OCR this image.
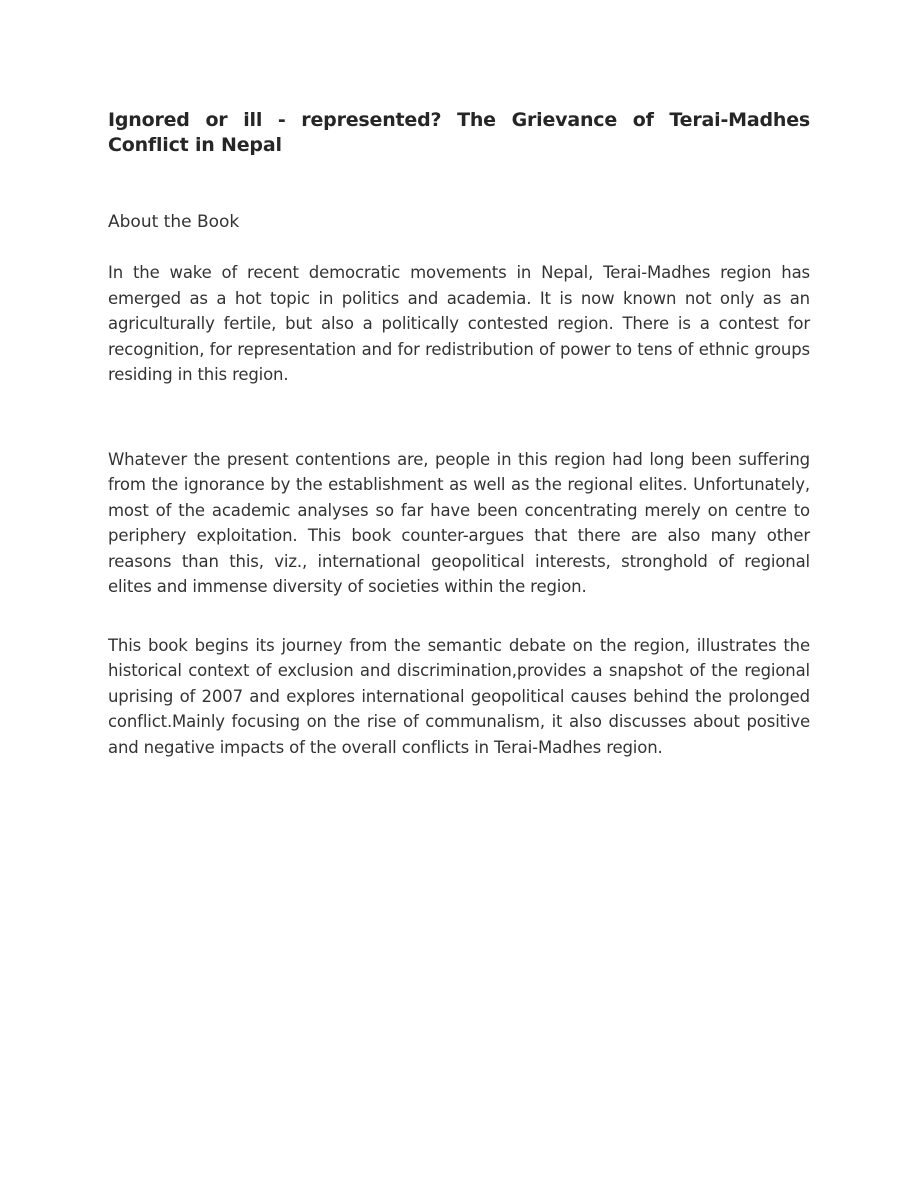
Ignored or ill - represented? The Grievance of Terai-Madhes Conflict in Nepal
About the Book

In the wake of recent democratic movements in Nepal, Terai-Madhes region has emerged as a hot topic in politics and academia. It is now known not only as an agriculturally fertile, but also a politically contested region. There is a contest for recognition, for representation and for redistribution of power to tens of ethnic groups residing in this region.

Whatever the present contentions are, people in this region had long been suffering from the ignorance by the establishment as well as the regional elites. Unfortunately, most of the academic analyses so far have been concentrating merely on centre to periphery exploitation. This book counter-argues that there are also many other reasons than this, viz., international geopolitical interests, stronghold of regional elites and immense diversity of societies within the region.

This book begins its journey from the semantic debate on the region, illustrates the historical context of exclusion and discrimination,provides a snapshot of the regional uprising of 2007 and explores international geopolitical causes behind the prolonged conflict.Mainly focusing on the rise of communalism, it also discusses about positive and negative impacts of the overall conflicts in Terai-Madhes region.
